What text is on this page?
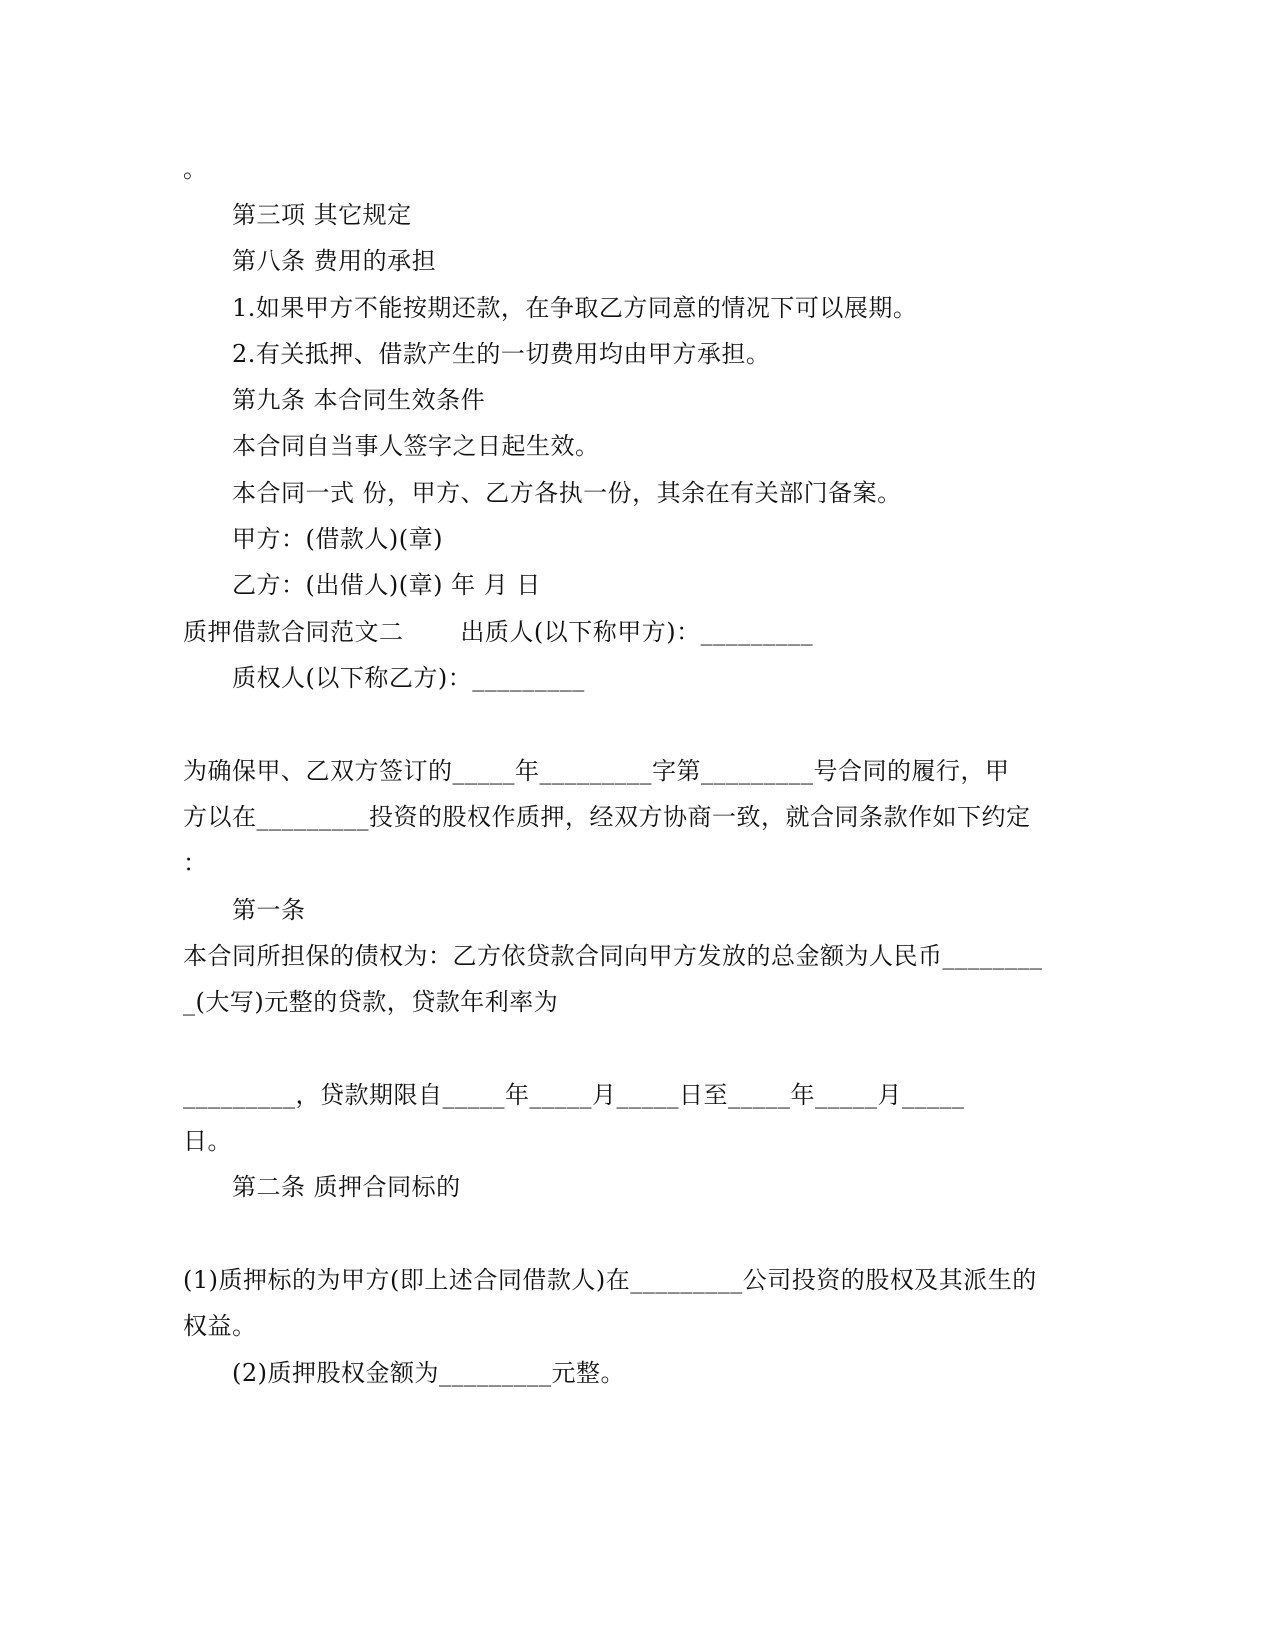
。
第三项 其它规定
第八条 费用的承担
1.如果甲方不能按期还款，在争取乙方同意的情况下可以展期。
2.有关抵押、借款产生的一切费用均由甲方承担。
第九条 本合同生效条件
本合同自当事人签字之日起生效。
本合同一式 份，甲方、乙方各执一份，其余在有关部门备案。
甲方：(借款人)(章)
乙方：(出借人)(章) 年 月 日
质押借款合同范文二       出质人(以下称甲方)：_________
质权人(以下称乙方)：_________
为确保甲、乙双方签订的_____年_________字第_________号合同的履行，甲
方以在_________投资的股权作质押，经双方协商一致，就合同条款作如下约定
：
第一条
本合同所担保的债权为：乙方依贷款合同向甲方发放的总金额为人民币________
_(大写)元整的贷款，贷款年利率为
_________，贷款期限自_____年_____月_____日至_____年_____月_____
日。
第二条 质押合同标的
(1)质押标的为甲方(即上述合同借款人)在_________公司投资的股权及其派生的
权益。
(2)质押股权金额为_________元整。
